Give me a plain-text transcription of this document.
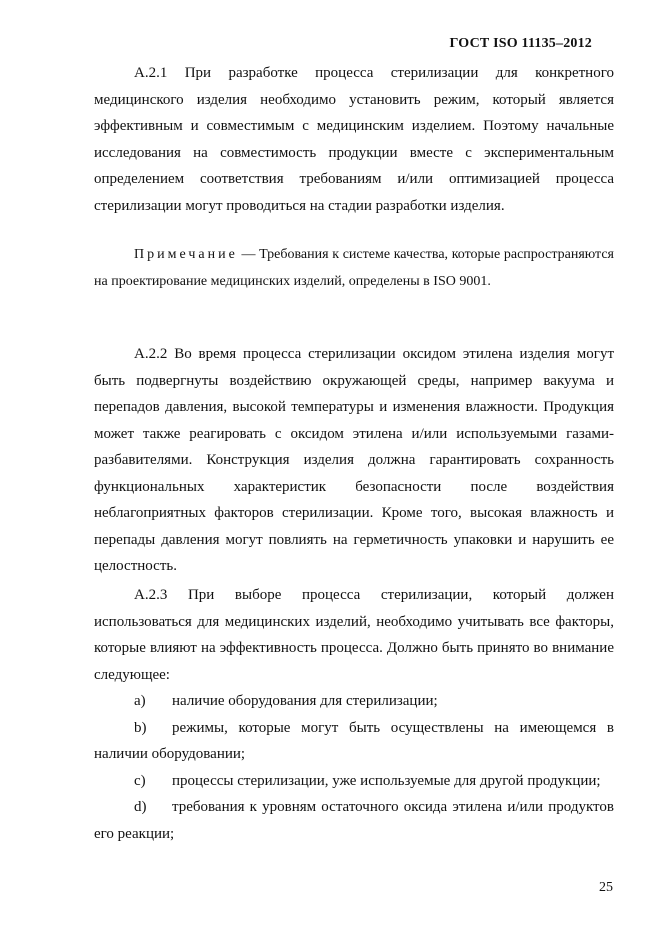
ГОСТ ISO 11135–2012

А.2.1 При разработке процесса стерилизации для конкретного медицинского изделия необходимо установить режим, который является эффективным и совместимым с медицинским изделием. Поэтому начальные исследования на совместимость продукции вместе с экспериментальным определением соответствия требованиям и/или оптимизацией процесса стерилизации могут проводиться на стадии разработки изделия.

Примечание — Требования к системе качества, которые распространяются на проектирование медицинских изделий, определены в ISO 9001.

А.2.2 Во время процесса стерилизации оксидом этилена изделия могут быть подвергнуты воздействию окружающей среды, например вакуума и перепадов давления, высокой температуры и изменения влажности. Продукция может также реагировать с оксидом этилена и/или используемыми газами-разбавителями. Конструкция изделия должна гарантировать сохранность функциональных характеристик безопасности после воздействия неблагоприятных факторов стерилизации. Кроме того, высокая влажность и перепады давления могут повлиять на герметичность упаковки и нарушить ее целостность.

А.2.3 При выборе процесса стерилизации, который должен использоваться для медицинских изделий, необходимо учитывать все факторы, которые влияют на эффективность процесса. Должно быть принято во внимание следующее:

a) наличие оборудования для стерилизации;

b) режимы, которые могут быть осуществлены на имеющемся в наличии оборудовании;

c) процессы стерилизации, уже используемые для другой продукции;

d) требования к уровням остаточного оксида этилена и/или продуктов его реакции;

25
